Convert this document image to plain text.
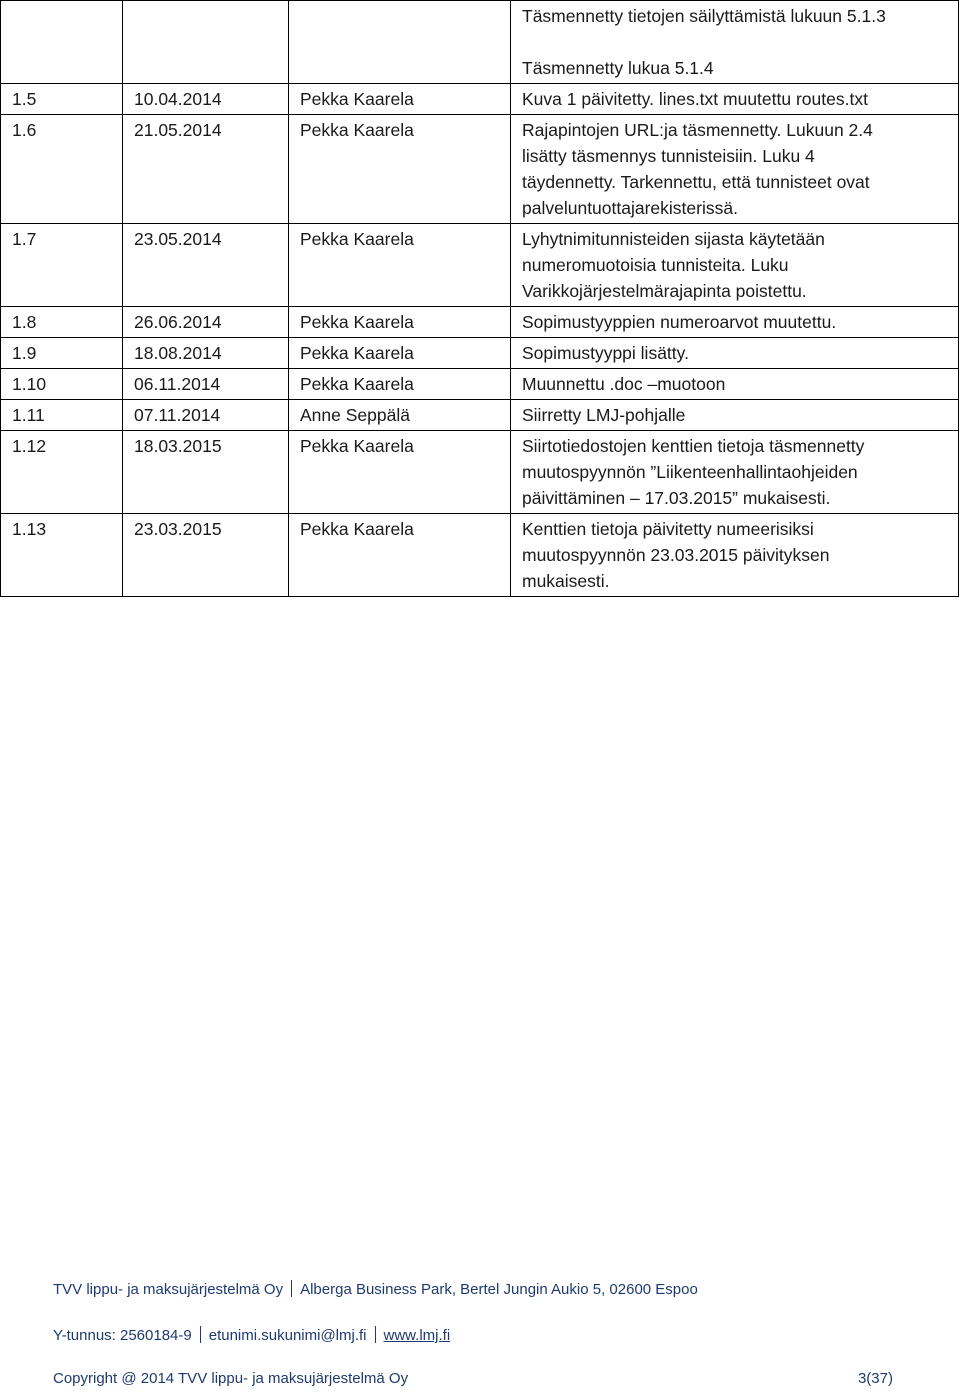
			Täsmennetty tietojen säilyttämistä lukuun 5.1.3

Täsmennetty lukua 5.1.4

1.5	10.04.2014	Pekka Kaarela	Kuva 1 päivitetty. lines.txt muutettu routes.txt

1.6	21.05.2014	Pekka Kaarela	Rajapintojen URL:ja täsmennetty. Lukuun 2.4
lisätty täsmennys tunnisteisiin. Luku 4
täydennetty. Tarkennettu, että tunnisteet ovat
palveluntuottajarekisterissä.

1.7	23.05.2014	Pekka Kaarela	Lyhytnimitunnisteiden sijasta käytetään
numeromuotoisia tunnisteita. Luku
Varikkojärjestelmärajapinta poistettu.

1.8	26.06.2014	Pekka Kaarela	Sopimustyyppien numeroarvot muutettu.

1.9	18.08.2014	Pekka Kaarela	Sopimustyyppi lisätty.

1.10	06.11.2014	Pekka Kaarela	Muunnettu .doc –muotoon

1.11	07.11.2014	Anne Seppälä	Siirretty LMJ-pohjalle

1.12	18.03.2015	Pekka Kaarela	Siirtotiedostojen kenttien tietoja täsmennetty
muutospyynnön ”Liikenteenhallintaohjeiden
päivittäminen – 17.03.2015” mukaisesti.

1.13	23.03.2015	Pekka Kaarela	Kenttien tietoja päivitetty numeerisiksi
muutospyynnön 23.03.2015 päivityksen
mukaisesti.
TVV lippu- ja maksujärjestelmä Oy Alberga Business Park, Bertel Jungin Aukio 5, 02600 Espoo
Y-tunnus: 2560184-9 etunimi.sukunimi@lmj.fi www.lmj.fi
Copyright @ 2014 TVV lippu- ja maksujärjestelmä Oy	3(37)
